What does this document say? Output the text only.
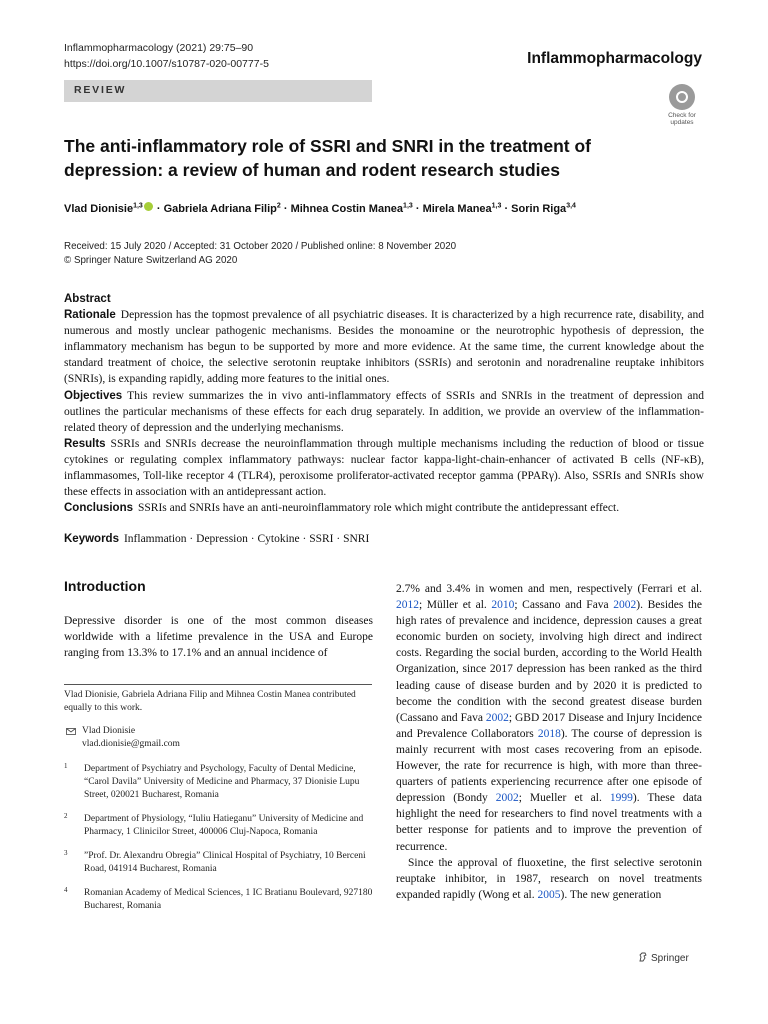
Inflammopharmacology (2021) 29:75–90
https://doi.org/10.1007/s10787-020-00777-5	Inflammopharmacology
REVIEW
Check for updates
The anti-inflammatory role of SSRI and SNRI in the treatment of depression: a review of human and rodent research studies
Vlad Dionisie$^{1,3}$ · Gabriela Adriana Filip$^2$ · Mihnea Costin Manea$^{1,3}$ · Mirela Manea$^{1,3}$ · Sorin Riga$^{3,4}$
Received: 15 July 2020 / Accepted: 31 October 2020 / Published online: 8 November 2020
© Springer Nature Switzerland AG 2020
Abstract

Rationale Depression has the topmost prevalence of all psychiatric diseases. It is characterized by a high recurrence rate, disability, and numerous and mostly unclear pathogenic mechanisms. Besides the monoamine or the neurotrophic hypothesis of depression, the inflammatory mechanism has begun to be supported by more and more evidence. At the same time, the current knowledge about the standard treatment of choice, the selective serotonin reuptake inhibitors (SSRIs) and serotonin and noradrenaline reuptake inhibitors (SNRIs), is expanding rapidly, adding more features to the initial ones.

Objectives This review summarizes the in vivo anti-inflammatory effects of SSRIs and SNRIs in the treatment of depression and outlines the particular mechanisms of these effects for each drug separately. In addition, we provide an overview of the inflammation-related theory of depression and the underlying mechanisms.

Results SSRIs and SNRIs decrease the neuroinflammation through multiple mechanisms including the reduction of blood or tissue cytokines or regulating complex inflammatory pathways: nuclear factor kappa-light-chain-enhancer of activated B cells (NF-κB), inflammasomes, Toll-like receptor 4 (TLR4), peroxisome proliferator-activated receptor gamma (PPARγ). Also, SSRIs and SNRIs show these effects in association with an antidepressant action.

Conclusions SSRIs and SNRIs have an anti-neuroinflammatory role which might contribute the antidepressant effect.

Keywords Inflammation · Depression · Cytokine · SSRI · SNRI
Introduction

Depressive disorder is one of the most common diseases worldwide with a lifetime prevalence in the USA and Europe ranging from 13.3% to 17.1% and an annual incidence of

Vlad Dionisie, Gabriela Adriana Filip and Mihnea Costin Manea contributed equally to this work.

Vlad Dionisie
vlad.dionisie@gmail.com
1 Department of Psychiatry and Psychology, Faculty of Dental Medicine, “Carol Davila” University of Medicine and Pharmacy, 37 Dionisie Lupu Street, 020021 Bucharest, Romania
2 Department of Physiology, “Iuliu Hatieganu” University of Medicine and Pharmacy, 1 Clinicilor Street, 400006 Cluj-Napoca, Romania
3 ”Prof. Dr. Alexandru Obregia” Clinical Hospital of Psychiatry, 10 Berceni Road, 041914 Bucharest, Romania
4 Romanian Academy of Medical Sciences, 1 IC Bratianu Boulevard, 927180 Bucharest, Romania

2.7% and 3.4% in women and men, respectively (Ferrari et al. 2012; Müller et al. 2010; Cassano and Fava 2002). Besides the high rates of prevalence and incidence, depression causes a great economic burden on society, involving high direct and indirect costs. Regarding the social burden, according to the World Health Organization, since 2017 depression has been ranked as the third leading cause of disease burden and by 2020 it is predicted to become the condition with the second greatest disease burden (Cassano and Fava 2002; GBD 2017 Disease and Injury Incidence and Prevalence Collaborators 2018). The course of depression is mainly recurrent with most cases recovering from an episode. However, the rate for recurrence is high, with more than three-quarters of patients experiencing recurrence after one episode of depression (Bondy 2002; Mueller et al. 1999). These data highlight the need for researchers to find novel treatments with a better response for patients and to improve the prevention of recurrence.

Since the approval of fluoxetine, the first selective serotonin reuptake inhibitor, in 1987, research on novel treatments expanded rapidly (Wong et al. 2005). The new generation

Springer
